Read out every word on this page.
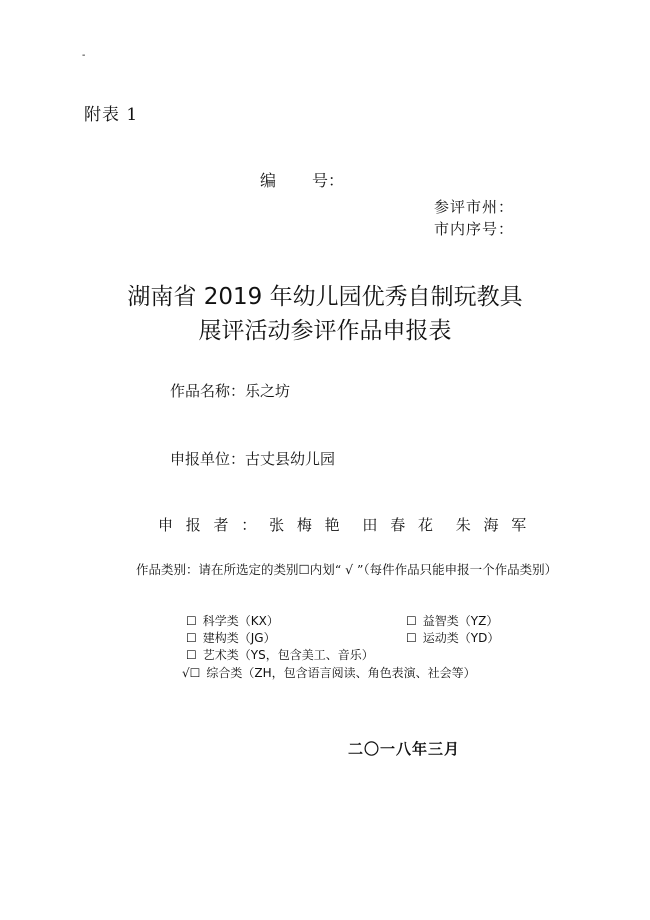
-
附表 1
编 号：
参评市州：
市内序号：
湖南省 2019 年幼儿园优秀自制玩教具
展评活动参评作品申报表
作品名称：乐之坊
申报单位：古丈县幼儿园
申 报 者 ： 张 梅 艳 田 春 花 朱 海 军
作品类别：请在所选定的类别☐内划“ √ ”（每件作品只能申报一个作品类别）
☐ 科学类（KX）	☐ 益智类（YZ）
☐ 建构类（JG）	☐ 运动类（YD）
☐ 艺术类（YS，包含美工、音乐）
√☐ 综合类（ZH，包含语言阅读、角色表演、社会等）
二〇一八年三月
